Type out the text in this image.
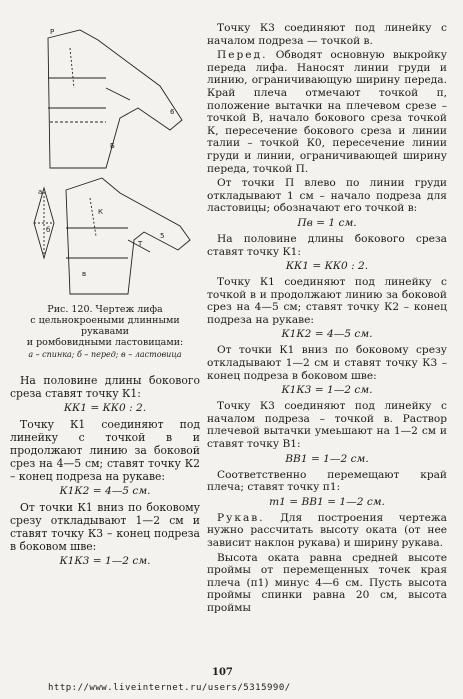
Р
Б
а
б
в
К
Т
5
6
Рис. 120. Чертеж лифа
с цельнокроеными длинными рукавами
и ромбовидными ластовицами:
а – спинка; б – перед; в – ластовица

На половине длины бокового среза ставят точку К1:

КК1 = КК0 : 2.

Точку К1 соединяют под линейку с точкой в и продолжают линию за боковой срез на 4—5 см; ставят точку К2 – конец подреза на рукаве:

К1К2 = 4—5 см.

От точки К1 вниз по боковому срезу откладывают 1—2 см и ставят точку К3 – конец подреза в боковом шве:

К1К3 = 1—2 см.

Точку К3 соединяют под линейку с началом подреза — точкой в.

Перед. Обводят основную выкройку переда лифа. Наносят линии груди и линию, ограничивающую ширину переда. Край плеча отмечают точкой п, положение вытачки на плечевом срезе – точкой В, начало бокового среза точкой К, пересечение бокового среза и линии талии – точкой К0, пересечение линии груди и линии, ограничивающей ширину переда, точкой П.

От точки П влево по линии груди откладывают 1 см – начало подреза для ластовицы; обозначают его точкой в:

Пв = 1 см.

На половине длины бокового среза ставят точку К1:

КК1 = КК0 : 2.

Точку К1 соединяют под линейку с точкой в и продолжают линию за боковой срез на 4—5 см; ставят точку К2 – конец подреза на рукаве:

К1К2 = 4—5 см.

От точки К1 вниз по боковому срезу откладывают 1—2 см и ставят точку К3 – конец подреза в боковом шве:

К1К3 = 1—2 см.

Точку К3 соединяют под линейку с началом подреза – точкой в. Раствор плечевой вытачки умеьшают на 1—2 см и ставят точку В1:

ВВ1 = 1—2 см.

Соответственно перемещают край плеча; ставят точку п1:

m1 = BB1 = 1—2 см.

Рукав. Для построения чертежа нужно рассчитать высоту оката (от нее зависит наклон рукава) и ширину рукава.

Высота оката равна средней высоте проймы от перемещенных точек края плеча (п1) минус 4—6 см. Пусть высота проймы спинки равна 20 см, высота проймы

107
http://www.liveinternet.ru/users/5315990/
